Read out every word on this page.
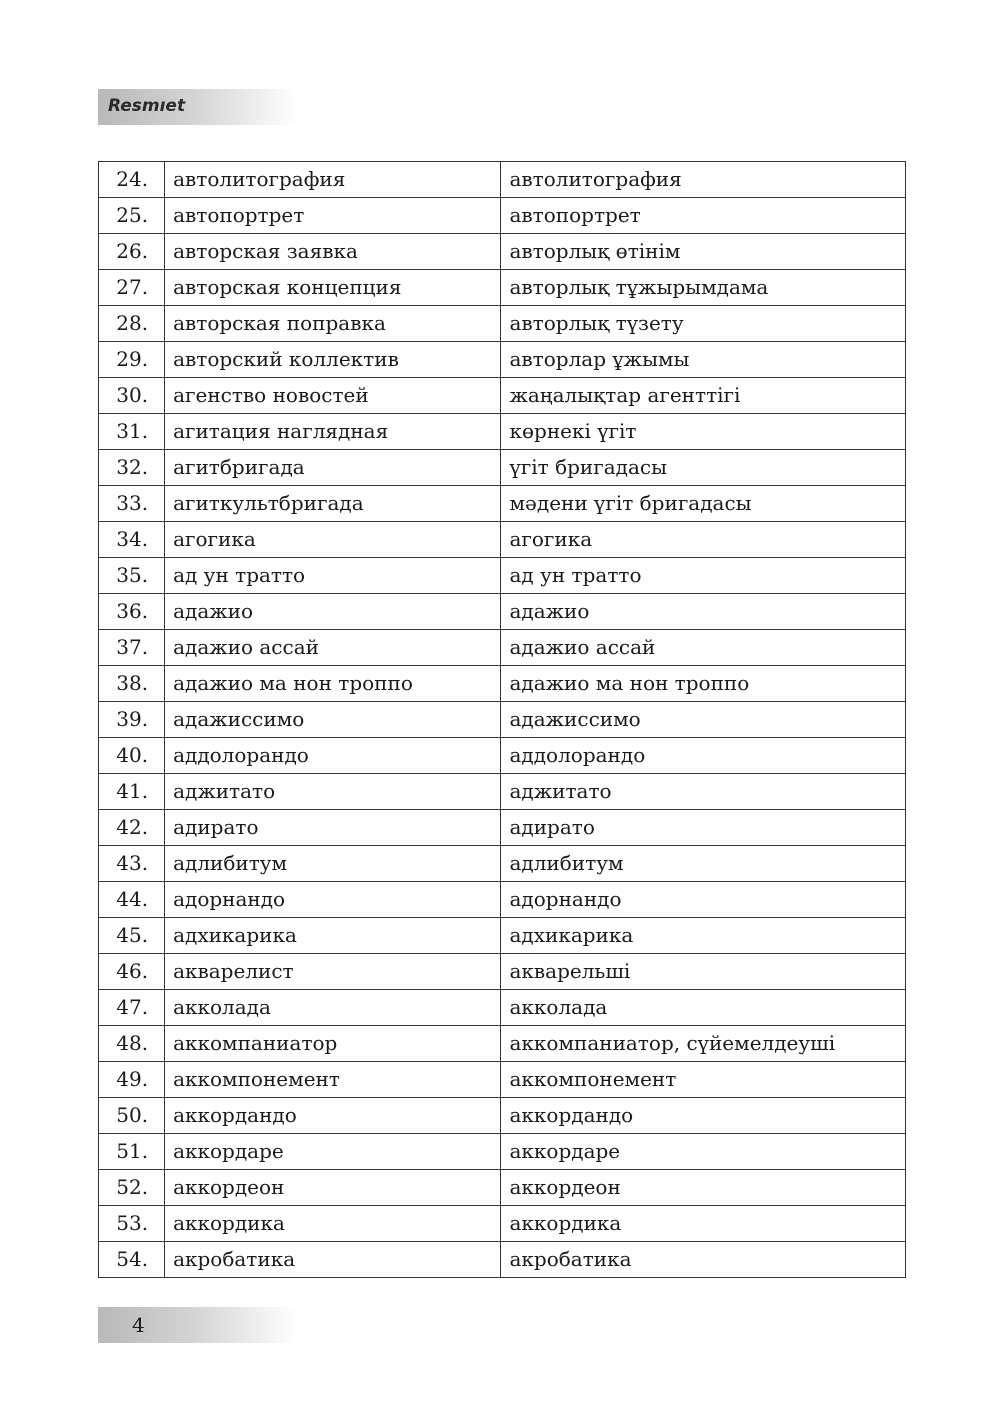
Resmıet
24.	автолитография	автолитография
25.	автопортрет	автопортрет
26.	авторская заявка	авторлық өтінім
27.	авторская концепция	авторлық тұжырымдама
28.	авторская поправка	авторлық түзету
29.	авторский коллектив	авторлар ұжымы
30.	агенство новостей	жаңалықтар агенттігі
31.	агитация наглядная	көрнекі үгіт
32.	агитбригада	үгіт бригадасы
33.	агиткультбригада	мәдени үгіт бригадасы
34.	агогика	агогика
35.	ад ун тратто	ад ун тратто
36.	адажио	адажио
37.	адажио ассай	адажио ассай
38.	адажио ма нон троппо	адажио ма нон троппо
39.	адажиссимо	адажиссимо
40.	аддолорандо	аддолорандо
41.	аджитато	аджитато
42.	адирато	адирато
43.	адлибитум	адлибитум
44.	адорнандо	адорнандо
45.	адхикарика	адхикарика
46.	акварелист	акварельші
47.	акколада	акколада
48.	аккомпаниатор	аккомпаниатор, сүйемелдеуші
49.	аккомпонемент	аккомпонемент
50.	аккордандо	аккордандо
51.	аккордаре	аккордаре
52.	аккордеон	аккордеон
53.	аккордика	аккордика
54.	акробатика	акробатика
4
